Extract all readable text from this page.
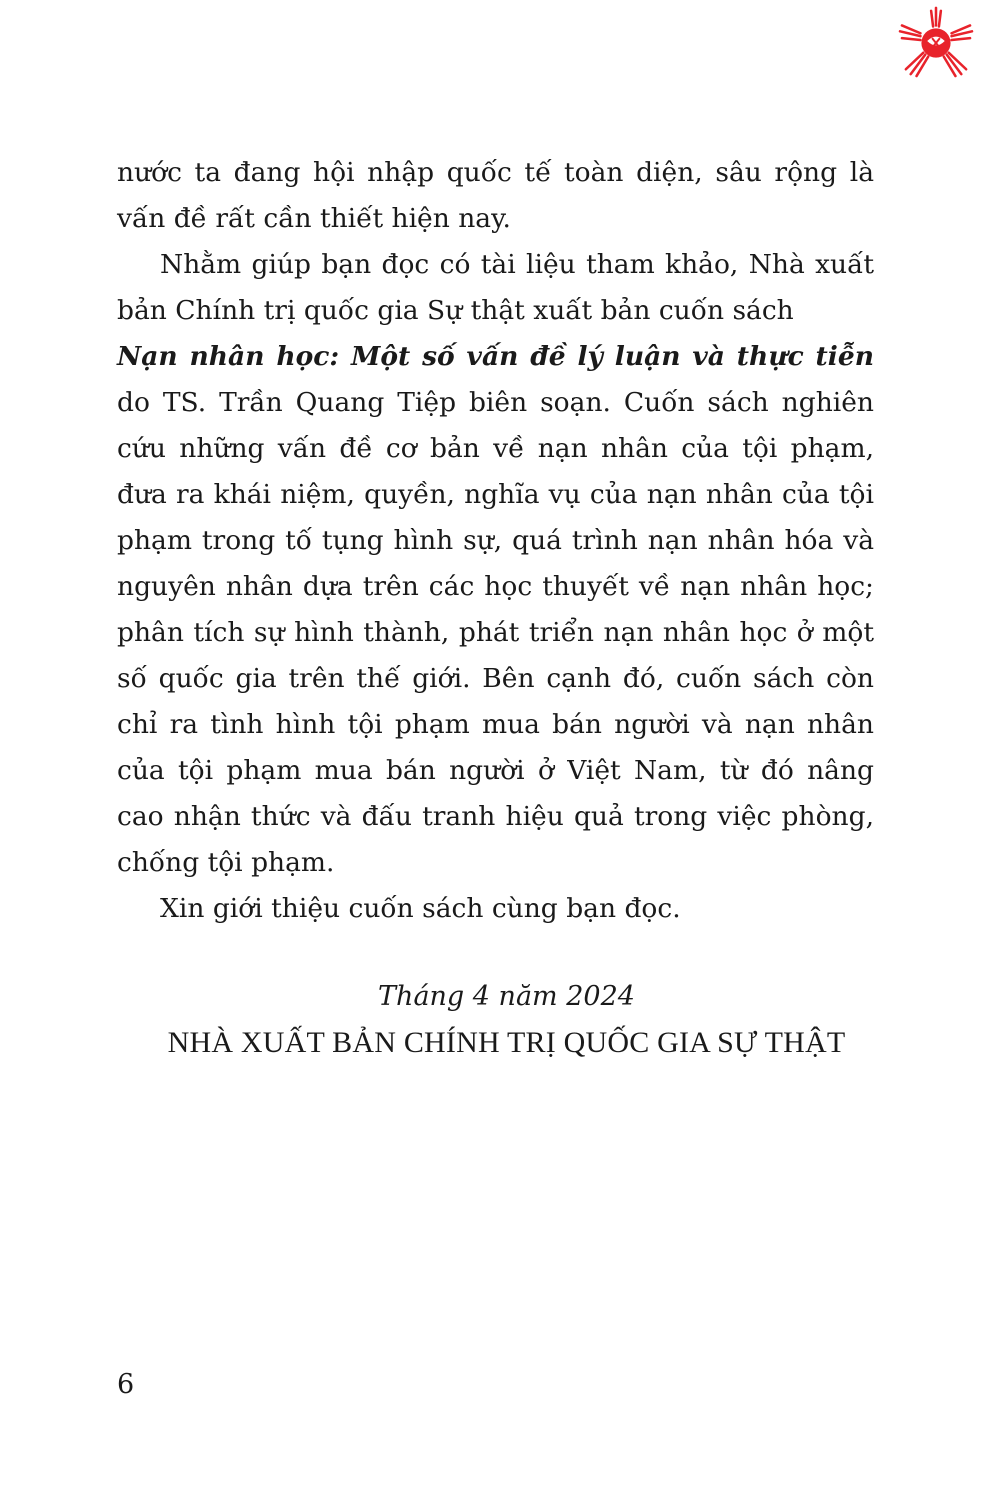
nước ta đang hội nhập quốc tế toàn diện, sâu rộng là vấn đề rất cần thiết hiện nay.

Nhằm giúp bạn đọc có tài liệu tham khảo, Nhà xuất bản Chính trị quốc gia Sự thật xuất bản cuốn sách

Nạn nhân học: Một số vấn đề lý luận và thực tiễn

do TS. Trần Quang Tiệp biên soạn. Cuốn sách nghiên cứu những vấn đề cơ bản về nạn nhân của tội phạm, đưa ra khái niệm, quyền, nghĩa vụ của nạn nhân của tội phạm trong tố tụng hình sự, quá trình nạn nhân hóa và nguyên nhân dựa trên các học thuyết về nạn nhân học; phân tích sự hình thành, phát triển nạn nhân học ở một số quốc gia trên thế giới. Bên cạnh đó, cuốn sách còn chỉ ra tình hình tội phạm mua bán người và nạn nhân của tội phạm mua bán người ở Việt Nam, từ đó nâng cao nhận thức và đấu tranh hiệu quả trong việc phòng, chống tội phạm.

Xin giới thiệu cuốn sách cùng bạn đọc.

Tháng 4 năm 2024
NHÀ XUẤT BẢN CHÍNH TRỊ QUỐC GIA SỰ THẬT
6
